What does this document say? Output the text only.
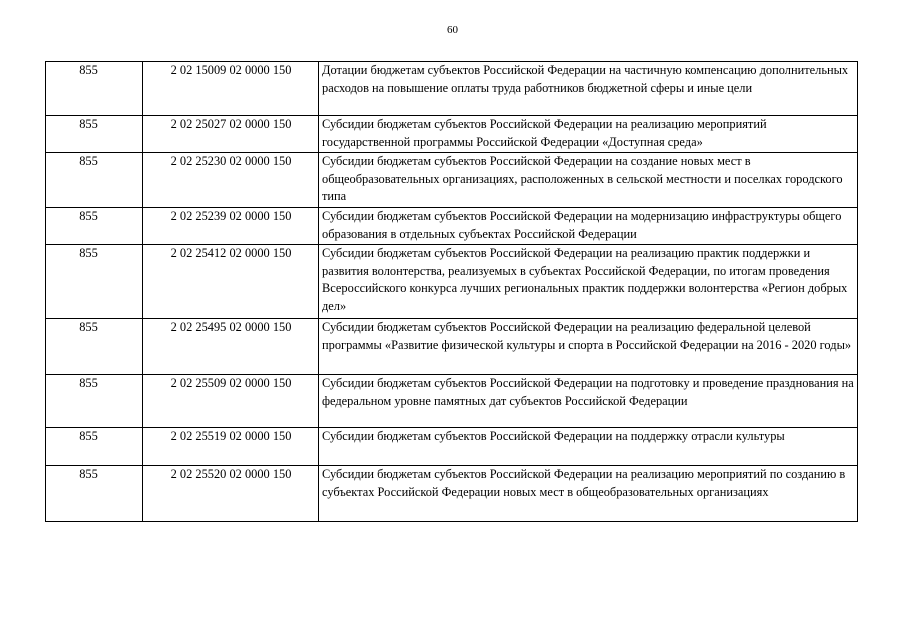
60
855	2 02 15009 02 0000 150	Дотации бюджетам субъектов Российской Федерации на частичную компенсацию дополнительных расходов на повышение оплаты труда работников бюджетной сферы и иные цели
855	2 02 25027 02 0000 150	Субсидии бюджетам субъектов Российской Федерации на реализацию мероприятий государственной программы Российской Федерации «Доступная среда»
855	2 02 25230 02 0000 150	Субсидии бюджетам субъектов Российской Федерации на создание новых мест в общеобразовательных организациях, расположенных в сельской местности и поселках городского типа
855	2 02 25239 02 0000 150	Субсидии бюджетам субъектов Российской Федерации на модернизацию инфраструктуры общего образования в отдельных субъектах Российской Федерации
855	2 02 25412 02 0000 150	Субсидии бюджетам субъектов Российской Федерации на реализацию практик поддержки и развития волонтерства, реализуемых в субъектах Российской Федерации, по итогам проведения Всероссийского конкурса лучших региональных практик поддержки волонтерства «Регион добрых дел»
855	2 02 25495 02 0000 150	Субсидии бюджетам субъектов Российской Федерации на реализацию федеральной целевой программы «Развитие физической культуры и спорта в Российской Федерации на 2016 - 2020 годы»
855	2 02 25509 02 0000 150	Субсидии бюджетам субъектов Российской Федерации на подготовку и проведение празднования на федеральном уровне памятных дат субъектов Российской Федерации
855	2 02 25519 02 0000 150	Субсидии бюджетам субъектов Российской Федерации на поддержку отрасли культуры
855	2 02 25520 02 0000 150	Субсидии бюджетам субъектов Российской Федерации на реализацию мероприятий по созданию в субъектах Российской Федерации новых мест в общеобразовательных организациях
